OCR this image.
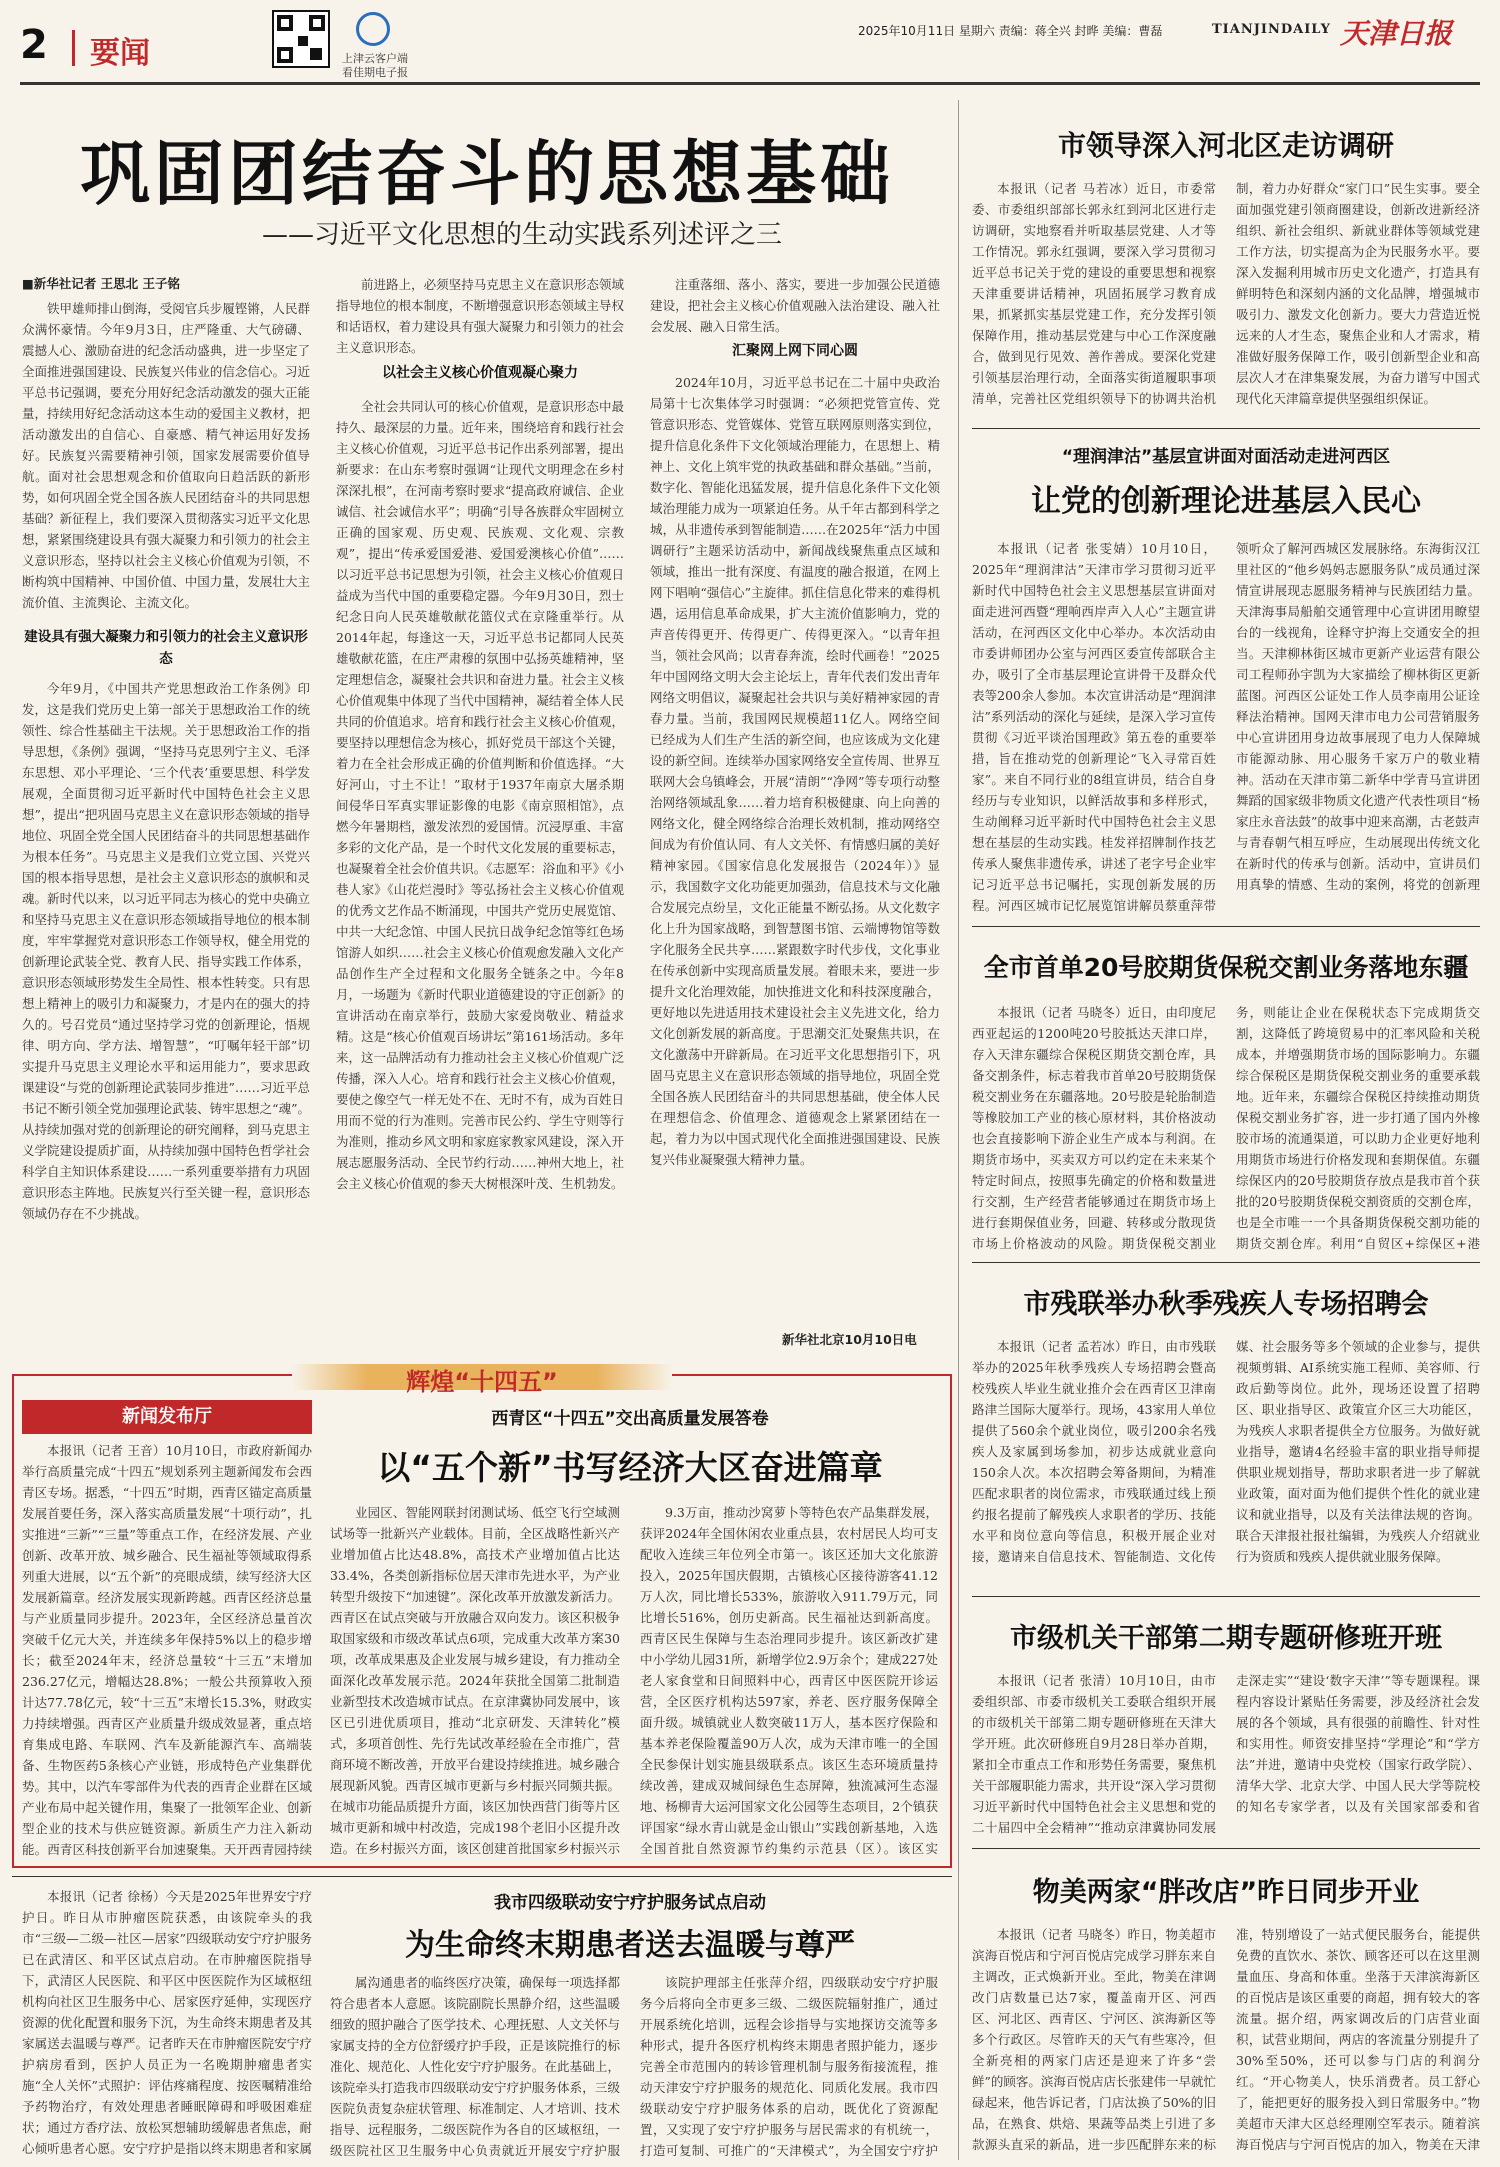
2 要闻	上津云客户端
看佳期电子报
2025年10月11日 星期六 责编：蒋全兴 封晔 美编：曹磊	TIANJINDAILY 天津日报
巩固团结奋斗的思想基础
——习近平文化思想的生动实践系列述评之三
■新华社记者 王思北 王子铭

铁甲雄师排山倒海，受阅官兵步履铿锵，人民群众满怀豪情。今年9月3日，庄严隆重、大气磅礴、震撼人心、激励奋进的纪念活动盛典，进一步坚定了全面推进强国建设、民族复兴伟业的信念信心。习近平总书记强调，要充分用好纪念活动激发的强大正能量，持续用好纪念活动这本生动的爱国主义教材，把活动激发出的自信心、自豪感、精气神运用好发扬好。民族复兴需要精神引领，国家发展需要价值导航。面对社会思想观念和价值取向日趋活跃的新形势，如何巩固全党全国各族人民团结奋斗的共同思想基础？新征程上，我们要深入贯彻落实习近平文化思想，紧紧围绕建设具有强大凝聚力和引领力的社会主义意识形态，坚持以社会主义核心价值观为引领，不断构筑中国精神、中国价值、中国力量，发展壮大主流价值、主流舆论、主流文化。

建设具有强大凝聚力和引领力的社会主义意识形态

今年9月，《中国共产党思想政治工作条例》印发，这是我们党历史上第一部关于思想政治工作的统领性、综合性基础主干法规。关于思想政治工作的指导思想，《条例》强调，“坚持马克思列宁主义、毛泽东思想、邓小平理论、‘三个代表’重要思想、科学发展观，全面贯彻习近平新时代中国特色社会主义思想”，提出“把巩固马克思主义在意识形态领域的指导地位、巩固全党全国人民团结奋斗的共同思想基础作为根本任务”。马克思主义是我们立党立国、兴党兴国的根本指导思想，是社会主义意识形态的旗帜和灵魂。新时代以来，以习近平同志为核心的党中央确立和坚持马克思主义在意识形态领域指导地位的根本制度，牢牢掌握党对意识形态工作领导权，健全用党的创新理论武装全党、教育人民、指导实践工作体系，意识形态领域形势发生全局性、根本性转变。只有思想上精神上的吸引力和凝聚力，才是内在的强大的持久的。号召党员“通过坚持学习党的创新理论，悟规律、明方向、学方法、增智慧”，“叮嘱年轻干部”切实提升马克思主义理论水平和运用能力”，要求思政课建设“与党的创新理论武装同步推进”……习近平总书记不断引领全党加强理论武装、铸牢思想之“魂”。从持续加强对党的创新理论的研究阐释，到马克思主义学院建设提质扩面，从持续加强中国特色哲学社会科学自主知识体系建设……一系列重要举措有力巩固意识形态主阵地。民族复兴行至关键一程，意识形态领域仍存在不少挑战。

前进路上，必须坚持马克思主义在意识形态领域指导地位的根本制度，不断增强意识形态领域主导权和话语权，着力建设具有强大凝聚力和引领力的社会主义意识形态。

以社会主义核心价值观凝心聚力

全社会共同认可的核心价值观，是意识形态中最持久、最深层的力量。近年来，围绕培育和践行社会主义核心价值观，习近平总书记作出系列部署，提出新要求：在山东考察时强调“让现代文明理念在乡村深深扎根”，在河南考察时要求“提高政府诚信、企业诚信、社会诚信水平”；明确“引导各族群众牢固树立正确的国家观、历史观、民族观、文化观、宗教观”，提出“传承爱国爱港、爱国爱澳核心价值”……以习近平总书记思想为引领，社会主义核心价值观日益成为当代中国的重要稳定器。今年9月30日，烈士纪念日向人民英雄敬献花篮仪式在京隆重举行。从2014年起，每逢这一天，习近平总书记都同人民英雄敬献花篮，在庄严肃穆的氛围中弘扬英雄精神，坚定理想信念，凝聚社会共识和奋进力量。社会主义核心价值观集中体现了当代中国精神，凝结着全体人民共同的价值追求。培育和践行社会主义核心价值观，要坚持以理想信念为核心，抓好党员干部这个关键，着力在全社会形成正确的价值判断和价值选择。“大好河山，寸土不让！”取材于1937年南京大屠杀期间侵华日军真实罪证影像的电影《南京照相馆》，点燃今年暑期档，激发浓烈的爱国情。沉浸厚重、丰富多彩的文化产品，是一个时代文化发展的重要标志，也凝聚着全社会价值共识。《志愿军：浴血和平》《小巷人家》《山花烂漫时》等弘扬社会主义核心价值观的优秀文艺作品不断涌现，中国共产党历史展览馆、中共一大纪念馆、中国人民抗日战争纪念馆等红色场馆游人如织……社会主义核心价值观愈发融入文化产品创作生产全过程和文化服务全链条之中。今年8月，一场题为《新时代职业道德建设的守正创新》的宣讲活动在南京举行，鼓励大家爱岗敬业、精益求精。这是“核心价值观百场讲坛”第161场活动。多年来，这一品牌活动有力推动社会主义核心价值观广泛传播，深入人心。培育和践行社会主义核心价值观，要使之像空气一样无处不在、无时不有，成为百姓日用而不觉的行为准则。完善市民公约、学生守则等行为准则，推动乡风文明和家庭家教家风建设，深入开展志愿服务活动、全民节约行动……神州大地上，社会主义核心价值观的参天大树根深叶茂、生机勃发。

注重落细、落小、落实，要进一步加强公民道德建设，把社会主义核心价值观融入法治建设、融入社会发展、融入日常生活。

汇聚网上网下同心圆

2024年10月，习近平总书记在二十届中央政治局第十七次集体学习时强调：“必须把党管宣传、党管意识形态、党管媒体、党管互联网原则落实到位，提升信息化条件下文化领域治理能力，在思想上、精神上、文化上筑牢党的执政基础和群众基础。”当前，数字化、智能化迅猛发展，提升信息化条件下文化领域治理能力成为一项紧迫任务。从千年古都到科学之城，从非遗传承到智能制造……在2025年“活力中国调研行”主题采访活动中，新闻战线聚焦重点区域和领域，推出一批有深度、有温度的融合报道，在网上网下唱响“强信心”主旋律。抓住信息化带来的难得机遇，运用信息革命成果，扩大主流价值影响力，党的声音传得更开、传得更广、传得更深入。“以青年担当，领社会风尚；以青春奔流，绘时代画卷！”2025年中国网络文明大会主论坛上，青年代表们发出青年网络文明倡议，凝聚起社会共识与美好精神家园的青春力量。当前，我国网民规模超11亿人。网络空间已经成为人们生产生活的新空间，也应该成为文化建设的新空间。连续举办国家网络安全宣传周、世界互联网大会乌镇峰会，开展“清朗”“净网”等专项行动整治网络领域乱象……着力培育积极健康、向上向善的网络文化，健全网络综合治理长效机制，推动网络空间成为有价值认同、有人文关怀、有情感归属的美好精神家园。《国家信息化发展报告（2024年）》显示，我国数字文化功能更加强劲，信息技术与文化融合发展完点纷呈，文化正能量不断弘扬。从文化数字化上升为国家战略，到智慧图书馆、云端博物馆等数字化服务全民共享……紧跟数字时代步伐，文化事业在传承创新中实现高质量发展。着眼未来，要进一步提升文化治理效能，加快推进文化和科技深度融合，更好地以先进适用技术建设社会主义先进文化，给力文化创新发展的新高度。于思潮交汇处聚焦共识，在文化激荡中开辟新局。在习近平文化思想指引下，巩固马克思主义在意识形态领域的指导地位，巩固全党全国各族人民团结奋斗的共同思想基础，使全体人民在理想信念、价值理念、道德观念上紧紧团结在一起，着力为以中国式现代化全面推进强国建设、民族复兴伟业凝聚强大精神力量。

新华社北京10月10日电
市领导深入河北区走访调研

本报讯（记者 马若冰）近日，市委常委、市委组织部部长郭永红到河北区进行走访调研，实地察看并听取基层党建、人才等工作情况。郭永红强调，要深入学习贯彻习近平总书记关于党的建设的重要思想和视察天津重要讲话精神，巩固拓展学习教育成果，抓紧抓实基层党建工作，充分发挥引领保障作用，推动基层党建与中心工作深度融合，做到见行见效、善作善成。要深化党建引领基层治理行动，全面落实街道履职事项清单，完善社区党组织领导下的协调共治机制，着力办好群众“家门口”民生实事。要全面加强党建引领商圈建设，创新改进新经济组织、新社会组织、新就业群体等领域党建工作方法，切实提高为企为民服务水平。要深入发掘利用城市历史文化遗产，打造具有鲜明特色和深刻内涵的文化品牌，增强城市吸引力、激发文化创新力。要大力营造近悦远来的人才生态，聚焦企业和人才需求，精准做好服务保障工作，吸引创新型企业和高层次人才在津集聚发展，为奋力谱写中国式现代化天津篇章提供坚强组织保证。

“理润津沽”基层宣讲面对面活动走进河西区
让党的创新理论进基层入民心

本报讯（记者 张雯婧）10月10日，2025年“理润津沽”天津市学习贯彻习近平新时代中国特色社会主义思想基层宣讲面对面走进河西暨“理响西岸声入人心”主题宣讲活动，在河西区文化中心举办。本次活动由市委讲师团办公室与河西区委宣传部联合主办，吸引了全市基层理论宣讲骨干及群众代表等200余人参加。本次宣讲活动是“理润津沽”系列活动的深化与延续，是深入学习宣传贯彻《习近平谈治国理政》第五卷的重要举措，旨在推动党的创新理论“飞入寻常百姓家”。来自不同行业的8组宣讲员，结合自身经历与专业知识，以鲜活故事和多样形式，生动阐释习近平新时代中国特色社会主义思想在基层的生动实践。桂发祥招牌制作技艺传承人聚焦非遗传承，讲述了老字号企业牢记习近平总书记嘱托，实现创新发展的历程。河西区城市记忆展览馆讲解员蔡重萍带领听众了解河西城区发展脉络。东海街汉江里社区的“他乡妈妈志愿服务队”成员通过深情宣讲展现志愿服务精神与民族团结力量。天津海事局船舶交通管理中心宣讲团用瞭望台的一线视角，诠释守护海上交通安全的担当。天津柳林街区城市更新产业运营有限公司工程师孙宇凯为大家描绘了柳林街区更新蓝图。河西区公证处工作人员李南用公证诠释法治精神。国网天津市电力公司营销服务中心宣讲团用身边故事展现了电力人保障城市能源动脉、用心服务千家万户的敬业精神。活动在天津市第二新华中学青马宣讲团舞蹈的国家级非物质文化遗产代表性项目“杨家庄永音法鼓”的故事中迎来高潮，古老鼓声与青春朝气相互呼应，生动展现出传统文化在新时代的传承与创新。活动中，宣讲员们用真挚的情感、生动的案例，将党的创新理

全市首单20号胶期货保税交割业务落地东疆

本报讯（记者 马晓冬）近日，由印度尼西亚起运的1200吨20号胶抵达天津口岸，存入天津东疆综合保税区期货交割仓库，具备交割条件，标志着我市首单20号胶期货保税交割业务在东疆落地。20号胶是轮胎制造等橡胶加工产业的核心原材料，其价格波动也会直接影响下游企业生产成本与利润。在期货市场中，买卖双方可以约定在未来某个特定时间点，按照事先确定的价格和数量进行交割，生产经营者能够通过在期货市场上进行套期保值业务，回避、转移或分散现货市场上价格波动的风险。期货保税交割业务，则能让企业在保税状态下完成期货交割，这降低了跨境贸易中的汇率风险和关税成本，并增强期货市场的国际影响力。东疆综合保税区是期货保税交割业务的重要承载地。近年来，东疆综合保税区持续推动期货保税交割业务扩容，进一步打通了国内外橡胶市场的流通渠道，可以助力企业更好地利用期货市场进行价格发现和套期保值。东疆综保区内的20号胶期货存放点是我市首个获批的20号胶期货保税交割资质的交割仓库，也是全市唯一一个具备期货保税交割功能的期货交割仓库。利用“自贸区+综保区+港

市残联举办秋季残疾人专场招聘会

本报讯（记者 孟若冰）昨日，由市残联举办的2025年秋季残疾人专场招聘会暨高校残疾人毕业生就业推介会在西青区卫津南路津兰国际大厦举行。现场，43家用人单位提供了560余个就业岗位，吸引200余名残疾人及家属到场参加，初步达成就业意向150余人次。本次招聘会筹备期间，为精准匹配求职者的岗位需求，市残联通过线上预约报名提前了解残疾人求职者的学历、技能水平和岗位意向等信息，积极开展企业对接，邀请来自信息技术、智能制造、文化传媒、社会服务等多个领域的企业参与，提供视频剪辑、AI系统实施工程师、美容师、行政后勤等岗位。此外，现场还设置了招聘区、职业指导区、政策宣介区三大功能区，为残疾人求职者提供全方位服务。为做好就业指导，邀请4名经验丰富的职业指导师提供职业规划指导，帮助求职者进一步了解就业政策，面对面为他们提供个性化的就业建议和就业指导，以及有关法律法规的咨询。联合天津报社报社编辑，为残疾人介绍就业行为资质和残疾人提供就业服务保障。

市级机关干部第二期专题研修班开班

本报讯（记者 张清）10月10日，由市委组织部、市委市级机关工委联合组织开展的市级机关干部第二期专题研修班在天津大学开班。此次研修班自9月28日举办首期，紧扣全市重点工作和形势任务需要，聚焦机关干部履职能力需求，共开设“深入学习贯彻习近平新时代中国特色社会主义思想和党的二十届四中全会精神”“推动京津冀协同发展走深走实”“建设‘数字天津’”等专题课程。课程内容设计紧贴任务需要，涉及经济社会发展的各个领域，具有很强的前瞻性、针对性和实用性。师资安排坚持“学理论”和“学方法”并进，邀请中央党校（国家行政学院）、清华大学、北京大学、中国人民大学等院校的知名专家学者，以及有关国家部委和省

物美两家“胖改店”昨日同步开业

本报讯（记者 马晓冬）昨日，物美超市滨海百悦店和宁河百悦店完成学习胖东来自主调改，正式焕新开业。至此，物美在津调改门店数量已达7家，覆盖南开区、河西区、河北区、西青区、宁河区、滨海新区等多个行政区。尽管昨天的天气有些寒冷，但全新亮相的两家门店还是迎来了许多“尝鲜”的顾客。滨海百悦店店长张建伟一早就忙碌起来，他告诉记者，门店汰换了50%的旧品，在熟食、烘焙、果蔬等品类上引进了多款源头直采的新品，进一步匹配胖东来的标准，特别增设了一站式便民服务台，能提供免费的直饮水、茶饮、顾客还可以在这里测量血压、身高和体重。坐落于天津滨海新区的百悦店是该区重要的商超，拥有较大的客流量。据介绍，两家调改后的门店营业面积，试营业期间，两店的客流量分别提升了30%至50%，还可以参与门店的利润分红。“开心物美人，快乐消费者。员工舒心了，能把更好的服务投入到日常服务中。”物美超市天津大区总经理刚空军表示。随着滨海百悦店与宁河百悦店的加入，物美在天津

辉煌“十四五”
新闻发布厅	西青区“十四五”交出高质量发展答卷
以“五个新”书写经济大区奋进篇章

本报讯（记者 王音）10月10日，市政府新闻办举行高质量完成“十四五”规划系列主题新闻发布会西青区专场。据悉，“十四五”时期，西青区锚定高质量发展首要任务，深入落实高质量发展“十项行动”，扎实推进“三新”“三量”等重点工作，在经济发展、产业创新、改革开放、城乡融合、民生福祉等领域取得系列重大进展，以“五个新”的亮眼成绩，续写经济大区发展新篇章。经济发展实现新跨越。西青区经济总量与产业质量同步提升。2023年，全区经济总量首次突破千亿元大关，并连续多年保持5%以上的稳步增长；截至2024年末，经济总量较“十三五”末增加236.27亿元，增幅达28.8%；一般公共预算收入预计达77.78亿元，较“十三五”末增长15.3%，财政实力持续增强。西青区产业质量升级成效显著，重点培育集成电路、车联网、汽车及新能源汽车、高端装备、生物医药5条核心产业链，形成特色产业集群优势。其中，以汽车零部件为代表的西青企业群在区域产业布局中起关键作用，集聚了一批领军企业、创新型企业的技术与供应链资源。新质生产力注入新动能。西青区科技创新平台加速聚集。天开西青园持续

业园区、智能网联封闭测试场、低空飞行空域测试场等一批新兴产业载体。目前，全区战略性新兴产业增加值占比达48.8%，高技术产业增加值占比达33.4%，各类创新指标位居天津市先进水平，为产业转型升级按下“加速键”。深化改革开放激发新活力。西青区在试点突破与开放融合双向发力。该区积极争取国家级和市级改革试点6项，完成重大改革方案30项，改革成果惠及企业发展与城乡建设，有力推动全面深化改革发展示范。2024年获批全国第二批制造业新型技术改造城市试点。在京津冀协同发展中，该区已引进优质项目，推动“北京研发、天津转化”模式，多项首创性、先行先试改革经验在全市推广，营商环境不断改善，开放平台建设持续推进。城乡融合展现新风貌。西青区城市更新与乡村振兴同频共振。在城市功能品质提升方面，该区加快西营门街等片区城市更新和城中村改造，完成198个老旧小区提升改造。在乡村振兴方面，该区创建首批国家乡村振兴示

9.3万亩，推动沙窝萝卜等特色农产品集群发展，获评2024年全国休闲农业重点县，农村居民人均可支配收入连续三年位列全市第一。该区还加大文化旅游投入，2025年国庆假期，古镇核心区接待游客41.12万人次，同比增长533%，旅游收入911.79万元，同比增长516%，创历史新高。民生福祉达到新高度。西青区民生保障与生态治理同步提升。该区新改扩建中小学幼儿园31所，新增学位2.9万余个；建成227处老人家食堂和日间照料中心，西青区中医医院开诊运营，全区医疗机构达597家，养老、医疗服务保障全面升级。城镇就业人数突破11万人，基本医疗保险和基本养老保险覆盖90万人次，成为天津市唯一的全国全民参保计划实施县级联系点。该区生态环境质量持续改善，建成双城间绿色生态屏障，独流减河生态湿地、杨柳青大运河国家文化公园等生态项目，2个镇获评国家“绿水青山就是金山银山”实践创新基地，入选全国首批自然资源节约集约示范县（区）。该区实

我市四级联动安宁疗护服务试点启动
为生命终末期患者送去温暖与尊严

本报讯（记者 徐杨）今天是2025年世界安宁疗护日。昨日从市肿瘤医院获悉，由该院牵头的我市“三级—二级—社区—居家”四级联动安宁疗护服务已在武清区、和平区试点启动。在市肿瘤医院指导下，武清区人民医院、和平区中医医院作为区域枢纽机构向社区卫生服务中心、居家医疗延伸，实现医疗资源的优化配置和服务下沉，为生命终末期患者及其家属送去温暖与尊严。记者昨天在市肿瘤医院安宁疗护病房看到，医护人员正为一名晚期肿瘤患者实施“全人关怀”式照护：评估疼痛程度、按医嘱精准给予药物治疗，有效处理患者睡眠障碍和呼吸困难症状；通过方香疗法、放松冥想辅助缓解患者焦虑，耐心倾听患者心愿。安宁疗护是指以终末期患者和家属

属沟通患者的临终医疗决策，确保每一项选择都符合患者本人意愿。该院副院长黑静介绍，这些温暖细致的照护融合了医学技术、心理抚慰、人文关怀与家属支持的全方位舒缓疗护手段，正是该院推行的标准化、规范化、人性化安宁疗护服务。在此基础上，该院牵头打造我市四级联动安宁疗护服务体系，三级医院负责复杂症状管理、标准制定、人才培训、技术指导、远程服务，二级医院作为各自的区域枢纽，一级医院社区卫生服务中心负责就近开展安宁疗护服

该院护理部主任张萍介绍，四级联动安宁疗护服务今后将向全市更多三级、二级医院辐射推广，通过开展系统化培训，远程会诊指导与实地探访交流等多种形式，提升各医疗机构终末期患者照护能力，逐步完善全市范围内的转诊管理机制与服务衔接流程，推动天津安宁疗护服务的规范化、同质化发展。我市四级联动安宁疗护服务体系的启动，既优化了资源配置，又实现了安宁疗护服务与居民需求的有机统一，打造可复制、可推广的“天津模式”，为全国安宁疗护
